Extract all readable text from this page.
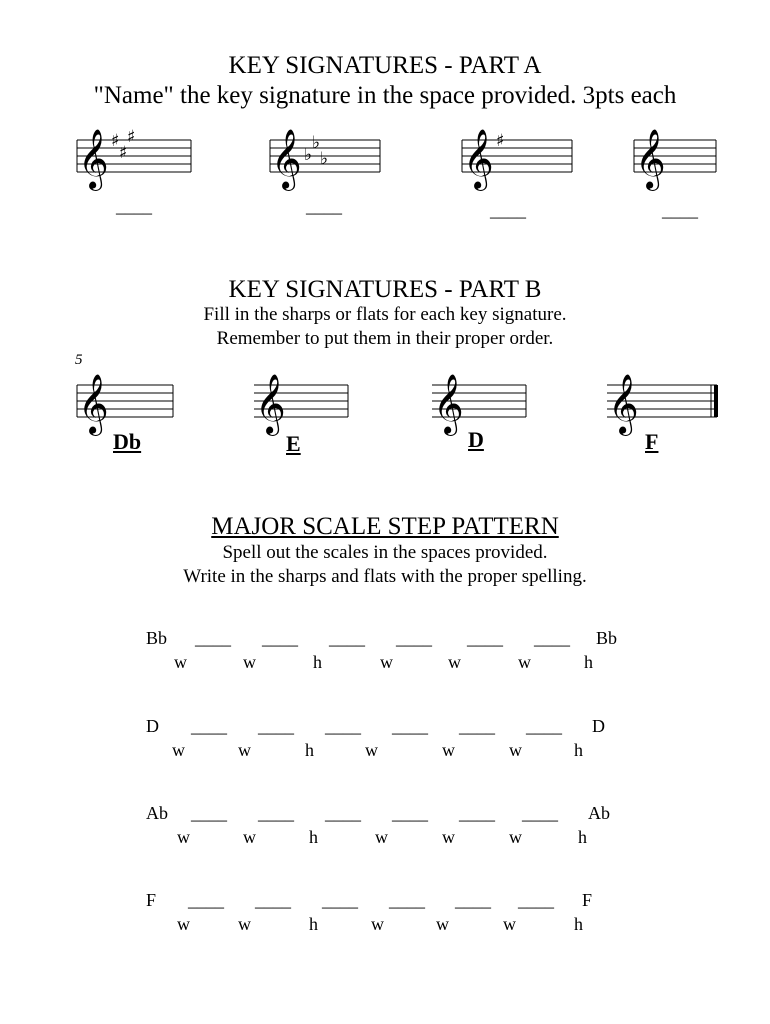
KEY SIGNATURES - PART A
"Name" the key signature in the space provided. 3pts each
𝄞 ♯
♯
♯
____
𝄞 ♭
♭
♭
____
𝄞 ♯
____
𝄞
____
KEY SIGNATURES - PART B
Fill in the sharps or flats for each key signature.
Remember to put them in their proper order.
5
𝄞
Db
𝄞
E
𝄞
D
𝄞
F
MAJOR SCALE STEP PATTERN
Spell out the scales in the spaces provided.
Write in the sharps and flats with the proper spelling.
Bb ____ ____ ____ ____ ____ ____ Bb
w	w	h	w	w	w	h
D ____ ____ ____ ____ ____ ____ D
w	w	h	w	w	w	h
Ab ____ ____ ____ ____ ____ ____ Ab
w	w	h	w	w	w	h
F ____ ____ ____ ____ ____ ____ F
w	w	h	w	w	w	h
